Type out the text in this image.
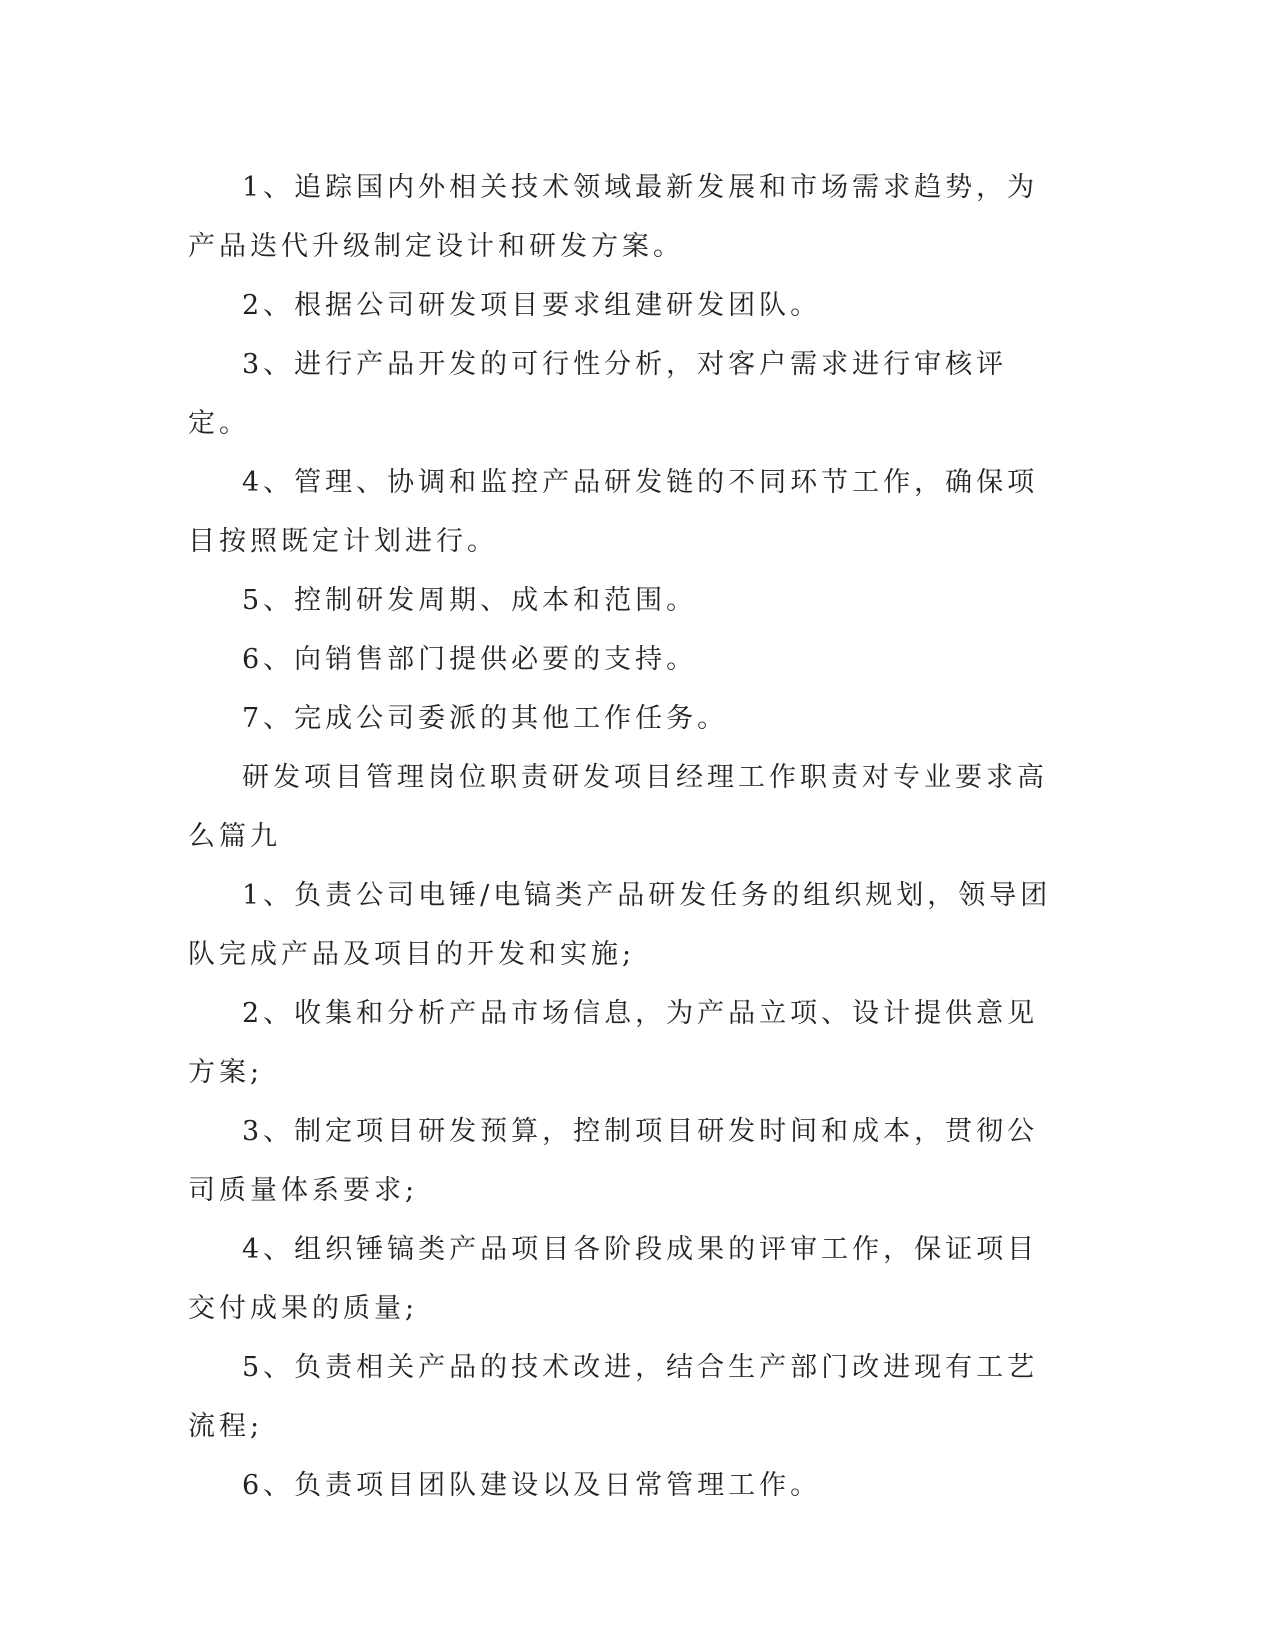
1、追踪国内外相关技术领域最新发展和市场需求趋势，为产品迭代升级制定设计和研发方案。

2、根据公司研发项目要求组建研发团队。

3、进行产品开发的可行性分析，对客户需求进行审核评定。

4、管理、协调和监控产品研发链的不同环节工作，确保项目按照既定计划进行。

5、控制研发周期、成本和范围。

6、向销售部门提供必要的支持。

7、完成公司委派的其他工作任务。

研发项目管理岗位职责研发项目经理工作职责对专业要求高么篇九

1、负责公司电锤/电镐类产品研发任务的组织规划，领导团队完成产品及项目的开发和实施;

2、收集和分析产品市场信息，为产品立项、设计提供意见方案;

3、制定项目研发预算，控制项目研发时间和成本，贯彻公司质量体系要求;

4、组织锤镐类产品项目各阶段成果的评审工作，保证项目交付成果的质量;

5、负责相关产品的技术改进，结合生产部门改进现有工艺流程;

6、负责项目团队建设以及日常管理工作。
